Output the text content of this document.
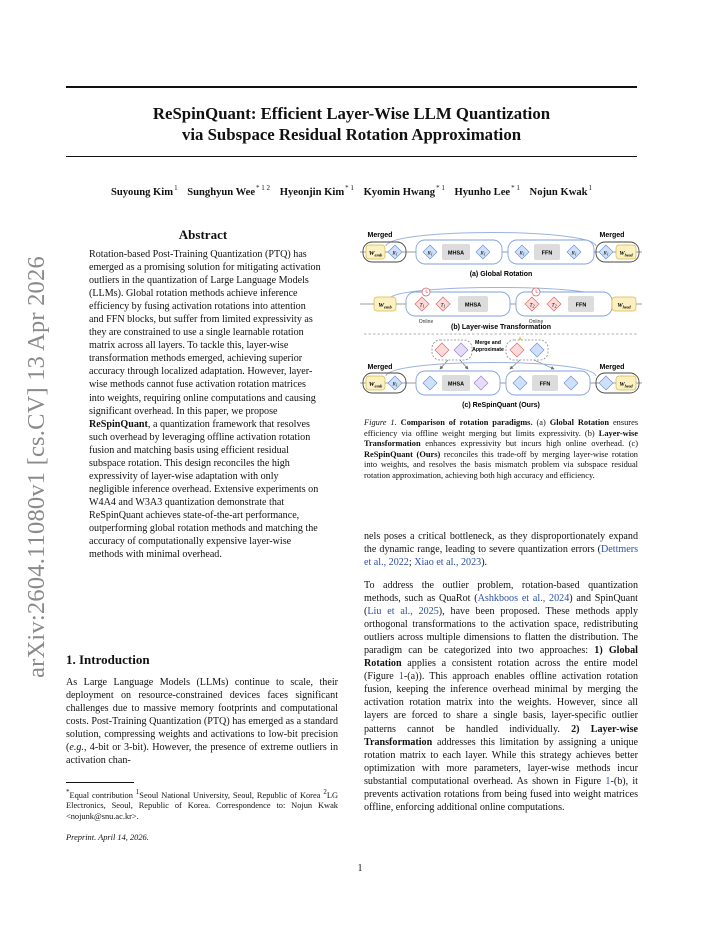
ReSpinQuant: Efficient Layer-Wise LLM Quantization
via Subspace Residual Rotation Approximation
Suyoung Kim$^1$ Sunghyun Wee$^{* 1 2}$ Hyeonjin Kim$^{* 1}$ Kyomin Hwang$^{* 1}$ Hyunho Lee$^{* 1}$ Nojun Kwak$^1$
arXiv:2604.11080v1 [cs.CV] 13 Apr 2026
Abstract

Rotation-based Post-Training Quantization (PTQ) has emerged as a promising solution for mitigating activation outliers in the quantization of Large Language Models (LLMs). Global rotation methods achieve inference efficiency by fusing activation rotations into attention and FFN blocks, but suffer from limited expressivity as they are constrained to use a single learnable rotation matrix across all layers. To tackle this, layer-wise transformation methods emerged, achieving superior accuracy through localized adaptation. However, layer-wise methods cannot fuse activation rotation matrices into weights, requiring online computations and causing significant overhead. In this paper, we propose ReSpinQuant, a quantization framework that resolves such overhead by leveraging offline activation rotation fusion and matching basis using efficient residual subspace rotation. This design reconciles the high expressivity of layer-wise adaptation with only negligible inference overhead. Extensive experiments on W4A4 and W3A3 quantization demonstrate that ReSpinQuant achieves state-of-the-art performance, outperforming global rotation methods and matching the accuracy of computationally expensive layer-wise methods with minimal overhead.

1. Introduction

As Large Language Models (LLMs) continue to scale, their deployment on resource-constrained devices faces significant challenges due to massive memory footprints and computational costs. Post-Training Quantization (PTQ) has emerged as a standard solution, compressing weights and activations to low-bit precision (e.g., 4-bit or 3-bit). However, the presence of extreme outliers in activation chan-

*Equal contribution $^1$Seoul National University, Seoul, Republic of Korea $^2$LG Electronics, Seoul, Republic of Korea. Correspondence to: Nojun Kwak <nojunk@snu.ac.kr>.

Preprint. April 14, 2026.
1
Merged	Merged
$W_{emb}$ $R_1$	$R_1$	MHSA	$R_1$	$R_1$	FFN	$R_1$	$R_1$ $W_{head}$
(a) Global Rotation
$W_{emb}$	$T_1$	$T_1$	MHSA
Online
$T_2$	$T_2$	FFN
Online
$W_{head}$
(b) Layer-wise Transformation
Merge and
Approximate
Merged	Merged
$W_{emb}$ $R_1$	MHSA	FFN	$W_{head}$
(c) ReSpinQuant (Ours)

Figure 1. Comparison of rotation paradigms. (a) Global Rotation ensures efficiency via offline weight merging but limits expressivity. (b) Layer-wise Transformation enhances expressivity but incurs high online overhead. (c) ReSpinQuant (Ours) reconciles this trade-off by merging layer-wise rotation into weights, and resolves the basis mismatch problem via subspace residual rotation approximation, achieving both high accuracy and efficiency.

nels poses a critical bottleneck, as they disproportionately expand the dynamic range, leading to severe quantization errors (Dettmers et al., 2022; Xiao et al., 2023).

To address the outlier problem, rotation-based quantization methods, such as QuaRot (Ashkboos et al., 2024) and SpinQuant (Liu et al., 2025), have been proposed. These methods apply orthogonal transformations to the activation space, redistributing outliers across multiple dimensions to flatten the distribution. The paradigm can be categorized into two approaches: 1) Global Rotation applies a consistent rotation across the entire model (Figure 1-(a)). This approach enables offline activation rotation fusion, keeping the inference overhead minimal by merging the activation rotation matrix into the weights. However, since all layers are forced to share a single basis, layer-specific outlier patterns cannot be handled individually. 2) Layer-wise Transformation addresses this limitation by assigning a unique rotation matrix to each layer. While this strategy achieves better optimization with more parameters, layer-wise methods incur substantial computational overhead. As shown in Figure 1-(b), it prevents activation rotations from being fused into weight matrices offline, enforcing additional online computations.
